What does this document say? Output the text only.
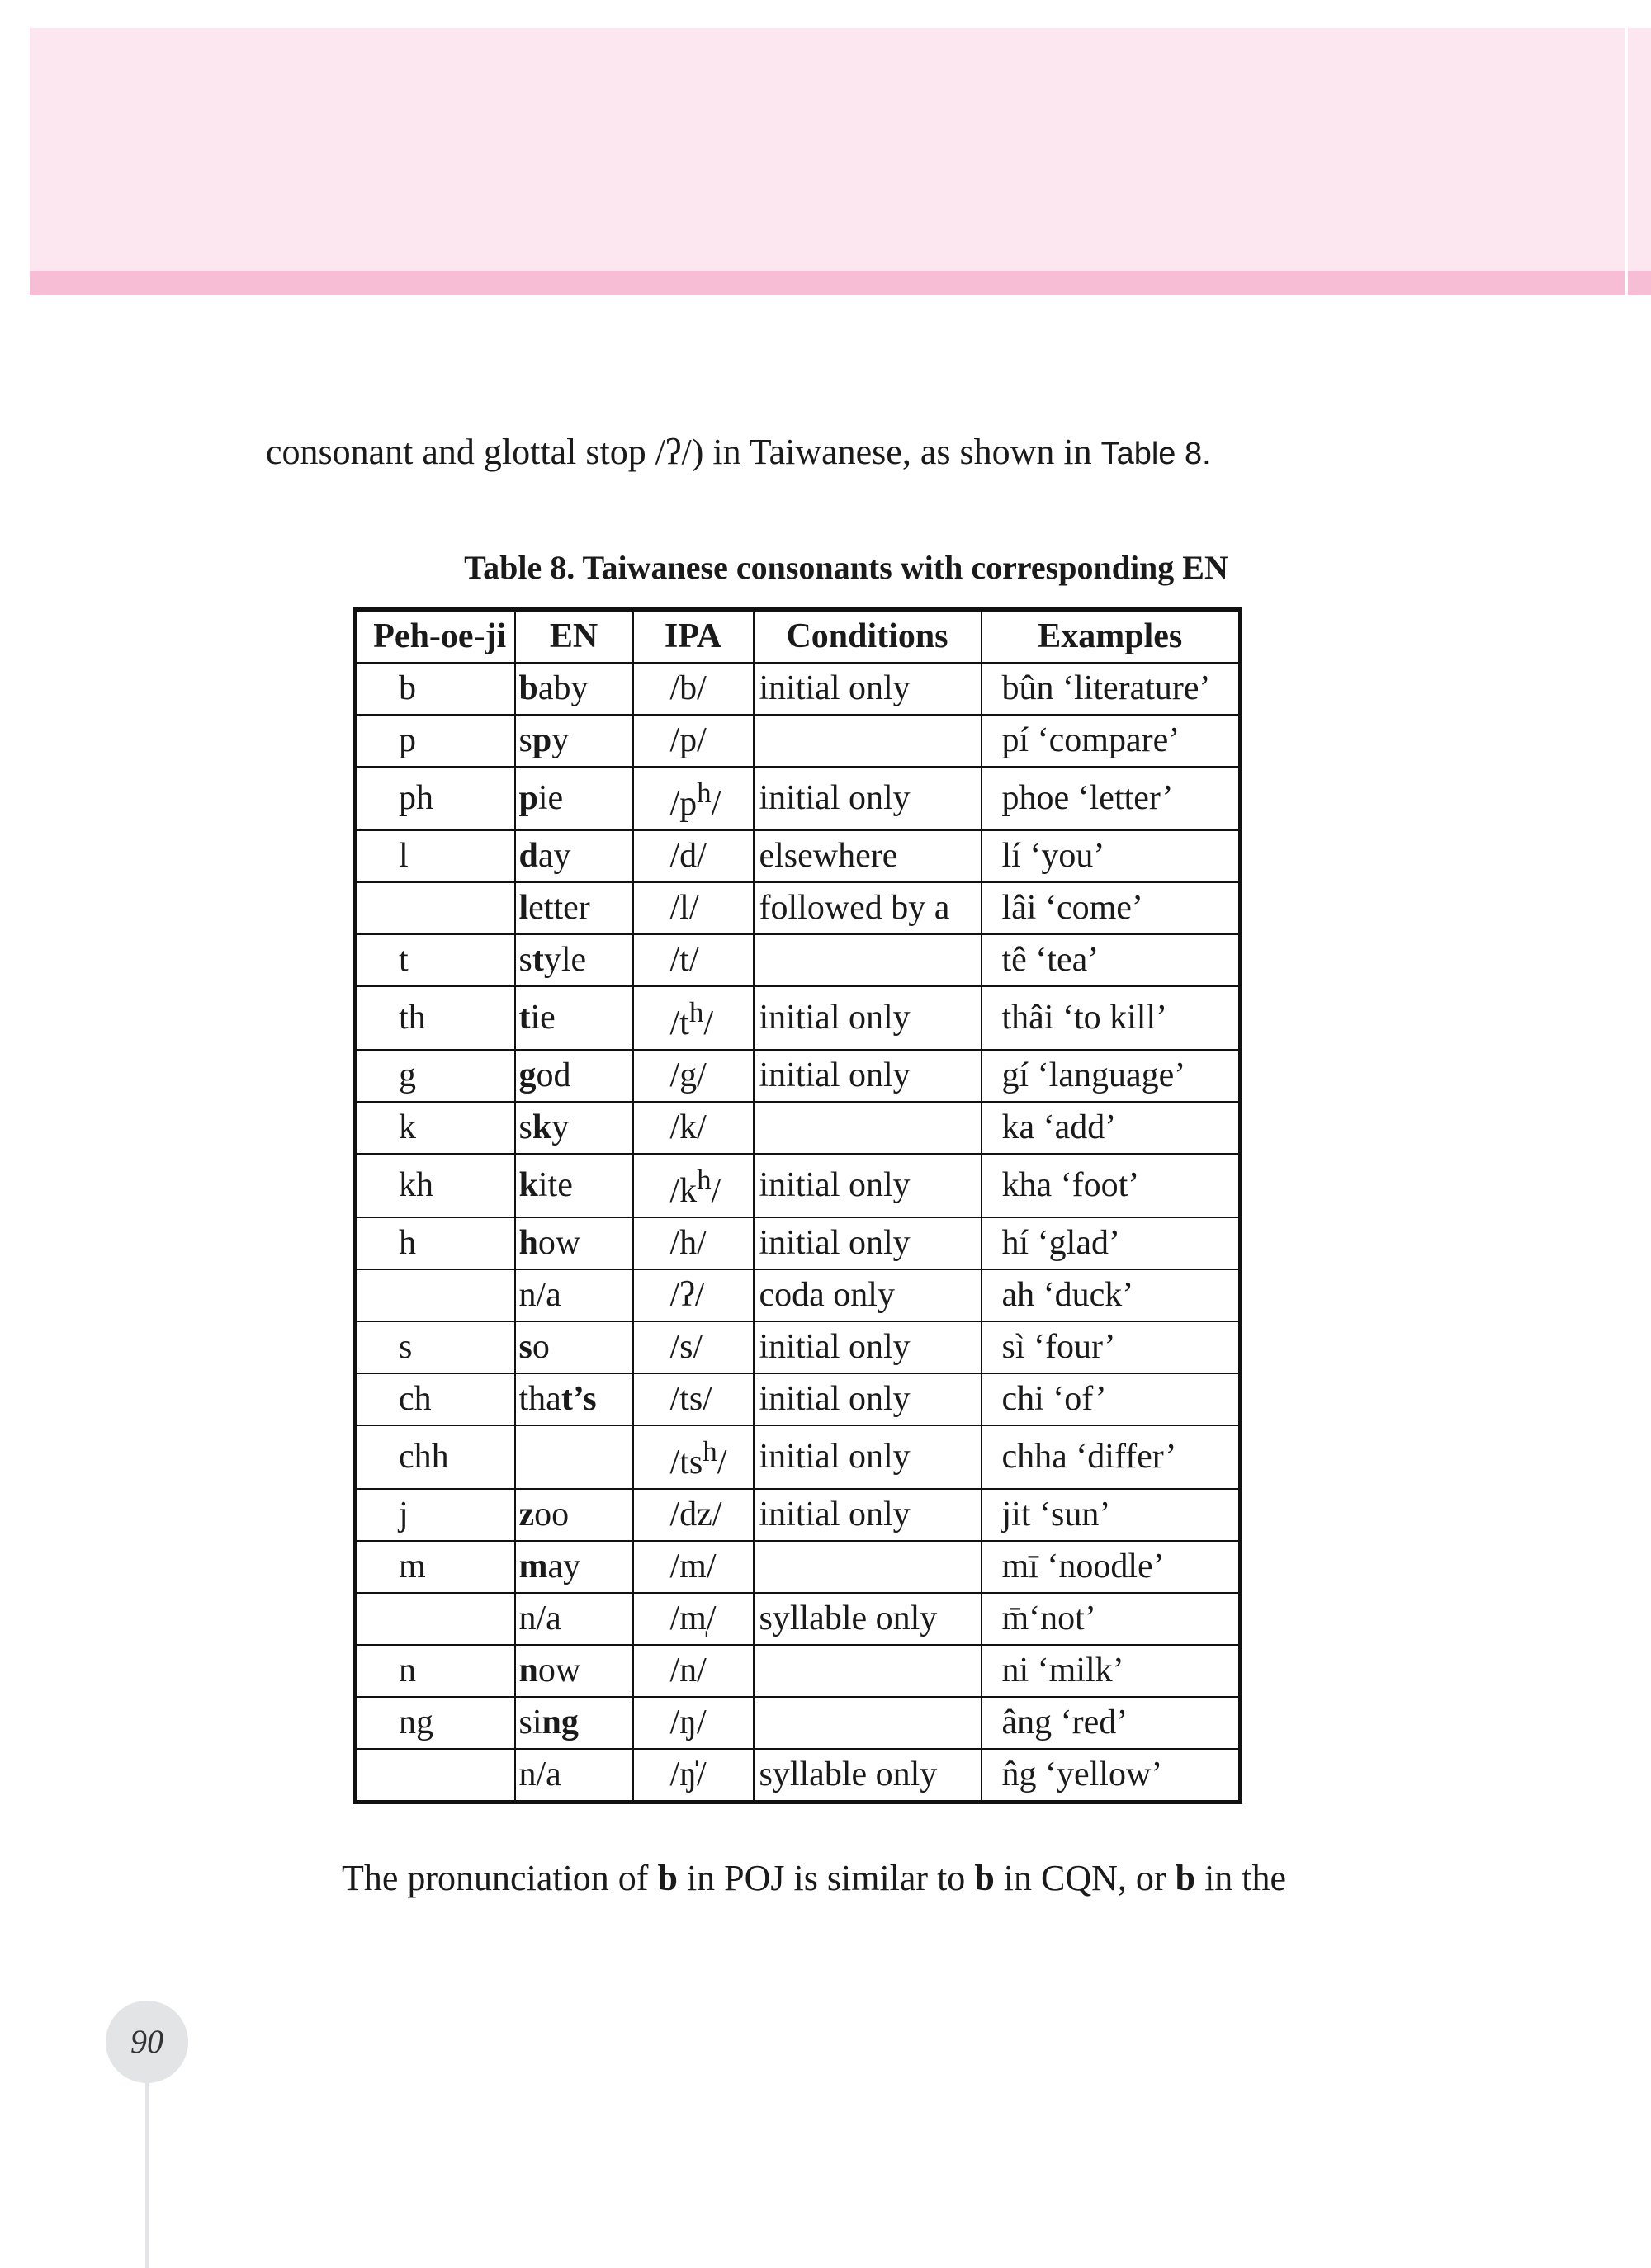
consonant and glottal stop /ʔ/) in Taiwanese, as shown in Table 8.
Table 8. Taiwanese consonants with corresponding EN
Peh-oe-ji	EN	IPA	Conditions	Examples
b	baby	/b/	initial only	bûn ‘literature’
p	spy	/p/		pí ‘compare’
ph	pie	$/p^h/$	initial only	phoe ‘letter’
l	day	/d/	elsewhere	lí ‘you’
	letter	/l/	followed by a	lâi ‘come’
t	style	/t/		tê ‘tea’
th	tie	$/t^h/$	initial only	thâi ‘to kill’
g	god	/g/	initial only	gí ‘language’
k	sky	/k/		ka ‘add’
kh	kite	$/k^h/$	initial only	kha ‘foot’
h	how	/h/	initial only	hí ‘glad’
	n/a	/ʔ/	coda only	ah ‘duck’
s	so	/s/	initial only	sì ‘four’
ch	that’s	/ts/	initial only	chi ‘of’
chh		$/ts^h/$	initial only	chha ‘differ’
j	zoo	/dz/	initial only	jit ‘sun’
m	may	/m/		mī ‘noodle’
	n/a	/m̩/	syllable only	m̄‘not’
n	now	/n/		ni ‘milk’
ng	sing	/ŋ/		âng ‘red’
	n/a	/ŋ̍/	syllable only	n̂g ‘yellow’
The pronunciation of b in POJ is similar to b in CQN, or b in the
90
